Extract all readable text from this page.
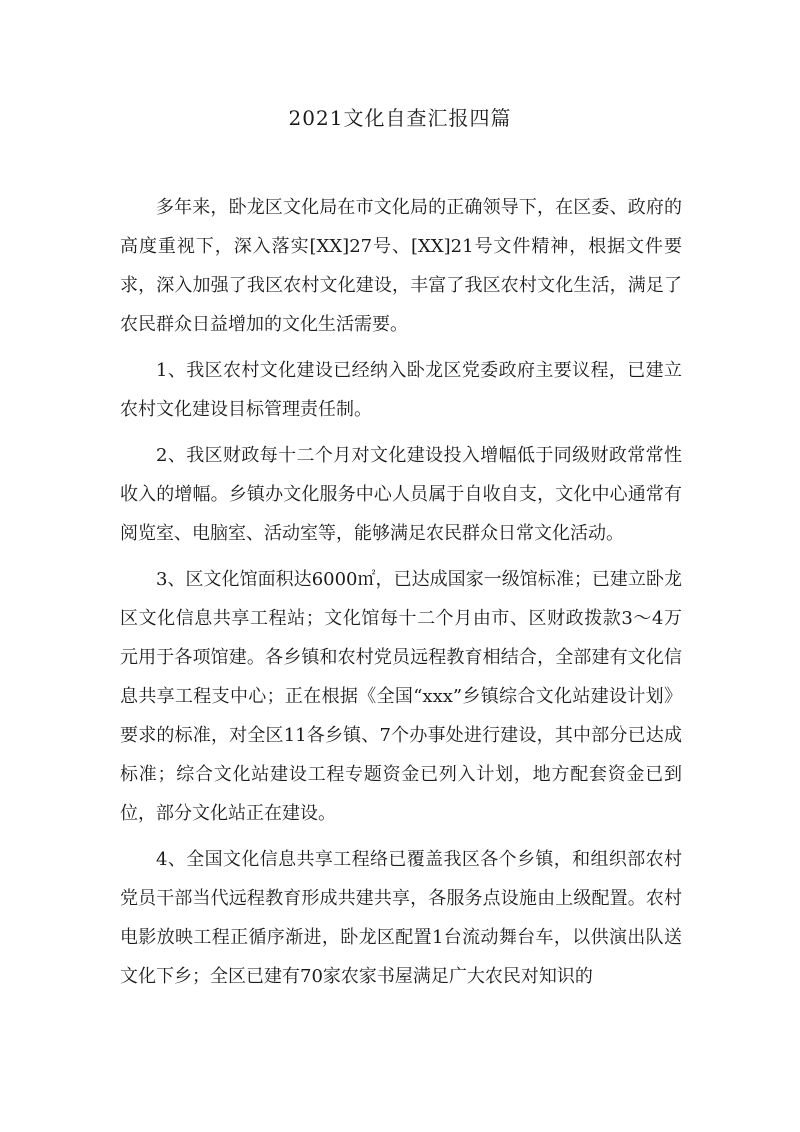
2021文化自查汇报四篇

多年来，卧龙区文化局在市文化局的正确领导下，在区委、政府的高度重视下，深入落实[XX]27号、[XX]21号文件精神，根据文件要求，深入加强了我区农村文化建设，丰富了我区农村文化生活，满足了农民群众日益增加的文化生活需要。

1、我区农村文化建设已经纳入卧龙区党委政府主要议程，已建立农村文化建设目标管理责任制。

2、我区财政每十二个月对文化建设投入增幅低于同级财政常常性收入的增幅。乡镇办文化服务中心人员属于自收自支，文化中心通常有阅览室、电脑室、活动室等，能够满足农民群众日常文化活动。

3、区文化馆面积达6000㎡，已达成国家一级馆标准；已建立卧龙区文化信息共享工程站；文化馆每十二个月由市、区财政拨款3～4万元用于各项馆建。各乡镇和农村党员远程教育相结合，全部建有文化信息共享工程支中心；正在根据《全国“xxx”乡镇综合文化站建设计划》要求的标准，对全区11各乡镇、7个办事处进行建设，其中部分已达成标准；综合文化站建设工程专题资金已列入计划，地方配套资金已到位，部分文化站正在建设。

4、全国文化信息共享工程络已覆盖我区各个乡镇，和组织部农村党员干部当代远程教育形成共建共享，各服务点设施由上级配置。农村电影放映工程正循序渐进，卧龙区配置1台流动舞台车，以供演出队送文化下乡；全区已建有70家农家书屋满足广大农民对知识的
